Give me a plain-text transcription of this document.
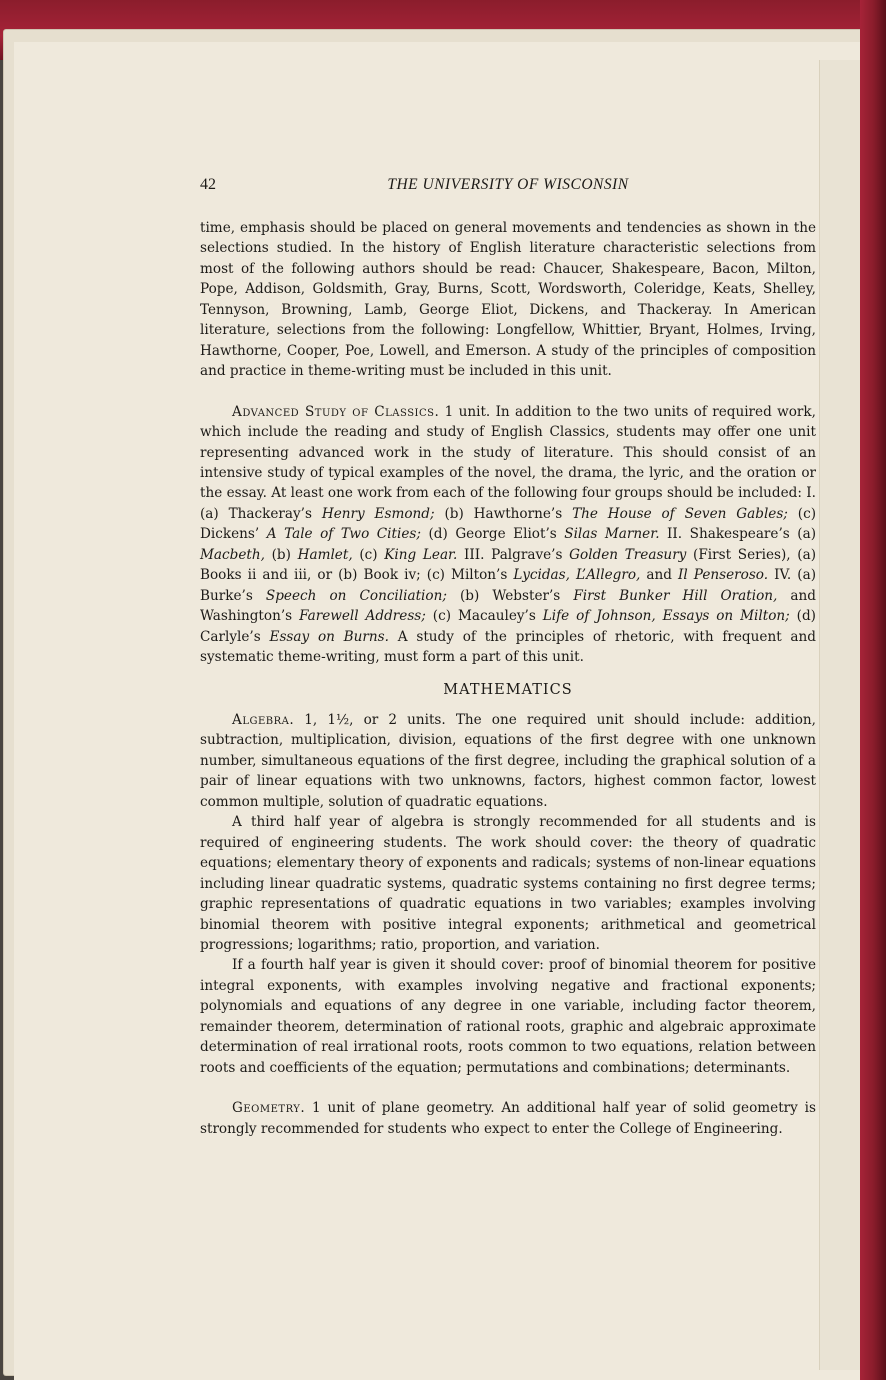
42	THE UNIVERSITY OF WISCONSIN

time, emphasis should be placed on general movements and tendencies as shown in the selections studied. In the history of English literature characteristic selections from most of the following authors should be read: Chaucer, Shakespeare, Bacon, Milton, Pope, Addison, Goldsmith, Gray, Burns, Scott, Wordsworth, Coleridge, Keats, Shelley, Tennyson, Browning, Lamb, George Eliot, Dickens, and Thackeray. In American literature, selections from the following: Longfellow, Whittier, Bryant, Holmes, Irving, Hawthorne, Cooper, Poe, Lowell, and Emerson. A study of the principles of composition and practice in theme-writing must be included in this unit.

Advanced Study of Classics. 1 unit. In addition to the two units of required work, which include the reading and study of English Classics, students may offer one unit representing advanced work in the study of literature. This should consist of an intensive study of typical examples of the novel, the drama, the lyric, and the oration or the essay. At least one work from each of the following four groups should be included: I. (a) Thackeray’s Henry Esmond; (b) Hawthorne’s The House of Seven Gables; (c) Dickens’ A Tale of Two Cities; (d) George Eliot’s Silas Marner. II. Shakespeare’s (a) Macbeth, (b) Hamlet, (c) King Lear. III. Palgrave’s Golden Treasury (First Series), (a) Books ii and iii, or (b) Book iv; (c) Milton’s Lycidas, L’Allegro, and Il Penseroso. IV. (a) Burke’s Speech on Conciliation; (b) Webster’s First Bunker Hill Oration, and Washington’s Farewell Address; (c) Macauley’s Life of Johnson, Essays on Milton; (d) Carlyle’s Essay on Burns. A study of the principles of rhetoric, with frequent and systematic theme-writing, must form a part of this unit.

MATHEMATICS

Algebra. 1, 1½, or 2 units. The one required unit should include: addition, subtraction, multiplication, division, equations of the first degree with one unknown number, simultaneous equations of the first degree, including the graphical solution of a pair of linear equations with two unknowns, factors, highest common factor, lowest common multiple, solution of quadratic equations.

A third half year of algebra is strongly recommended for all students and is required of engineering students. The work should cover: the theory of quadratic equations; elementary theory of exponents and radicals; systems of non-linear equations including linear quadratic systems, quadratic systems containing no first degree terms; graphic representations of quadratic equations in two variables; examples involving binomial theorem with positive integral exponents; arithmetical and geometrical progressions; logarithms; ratio, proportion, and variation.

If a fourth half year is given it should cover: proof of binomial theorem for positive integral exponents, with examples involving negative and fractional exponents; polynomials and equations of any degree in one variable, including factor theorem, remainder theorem, determination of rational roots, graphic and algebraic approximate determination of real irrational roots, roots common to two equations, relation between roots and coefficients of the equation; permutations and combinations; determinants.

Geometry. 1 unit of plane geometry. An additional half year of solid geometry is strongly recommended for students who expect to enter the College of Engineering.
